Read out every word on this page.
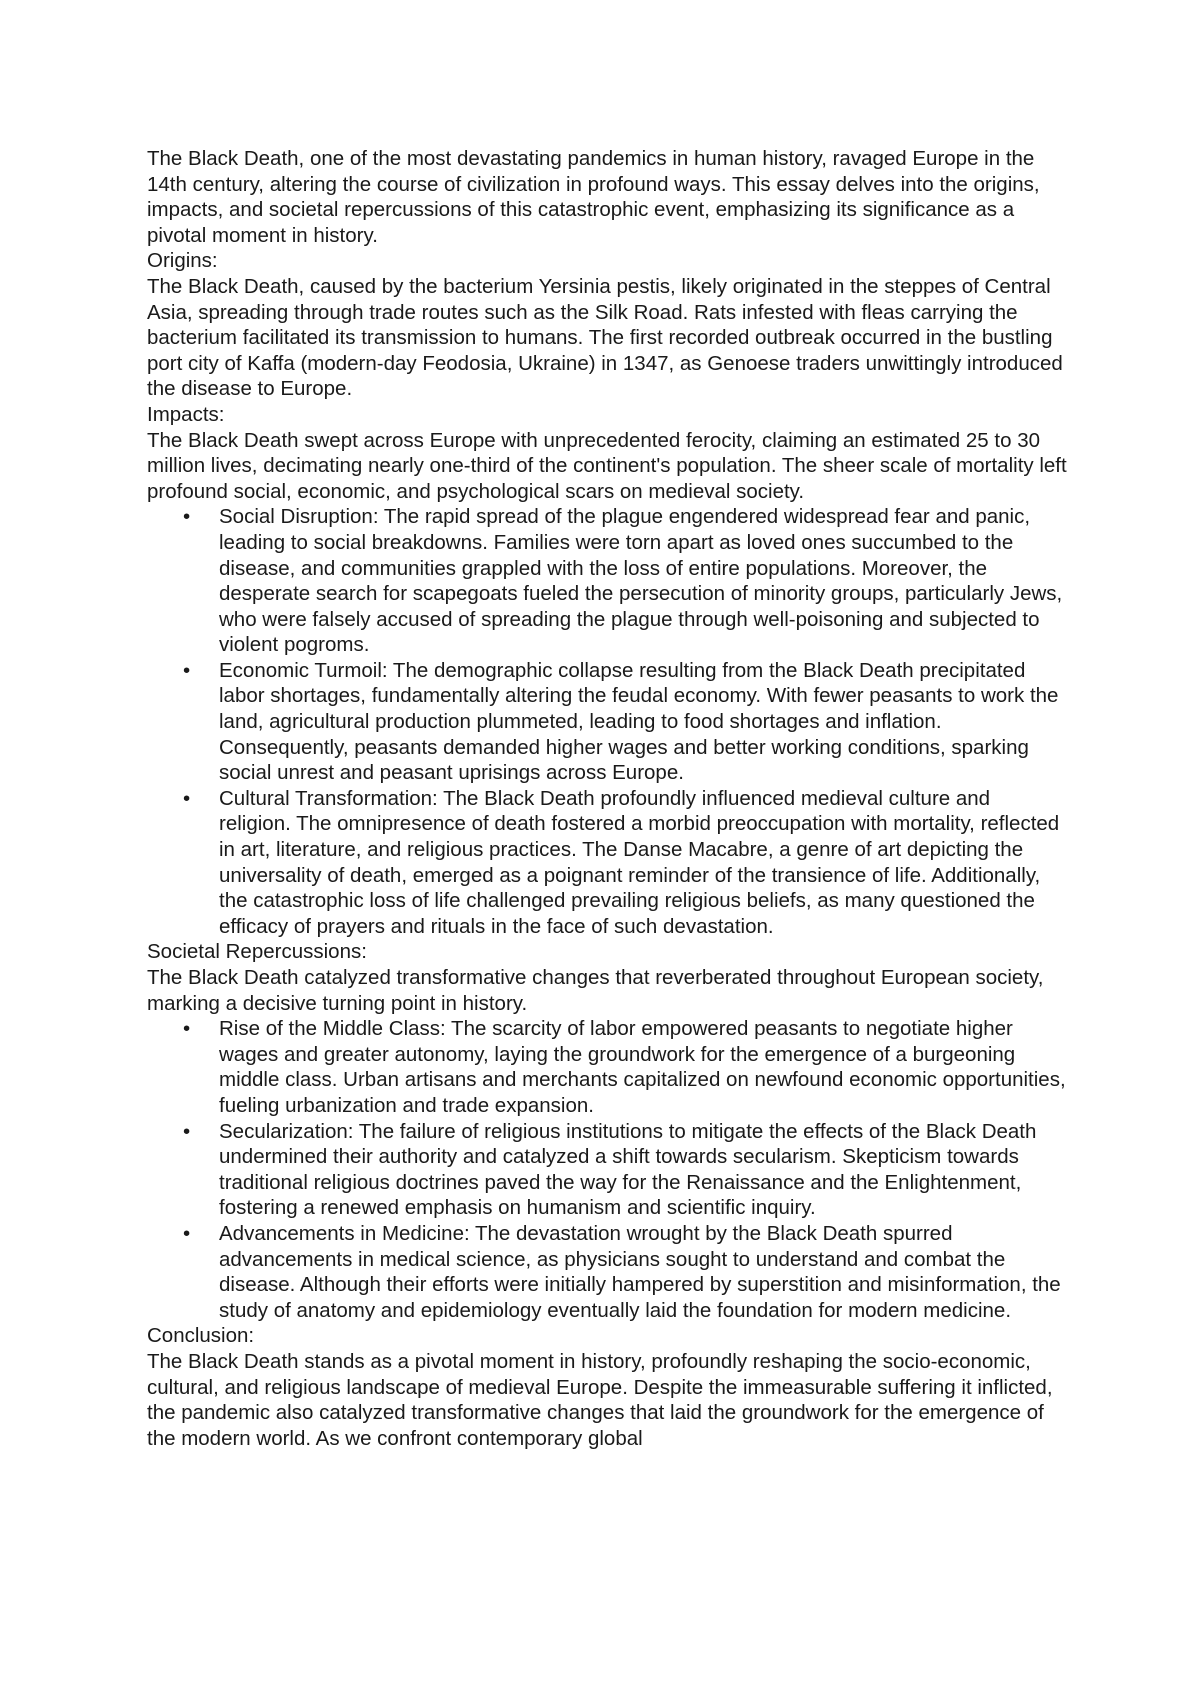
The Black Death, one of the most devastating pandemics in human history, ravaged Europe in the 14th century, altering the course of civilization in profound ways. This essay delves into the origins, impacts, and societal repercussions of this catastrophic event, emphasizing its significance as a pivotal moment in history.

Origins:

The Black Death, caused by the bacterium Yersinia pestis, likely originated in the steppes of Central Asia, spreading through trade routes such as the Silk Road. Rats infested with fleas carrying the bacterium facilitated its transmission to humans. The first recorded outbreak occurred in the bustling port city of Kaffa (modern-day Feodosia, Ukraine) in 1347, as Genoese traders unwittingly introduced the disease to Europe.

Impacts:

The Black Death swept across Europe with unprecedented ferocity, claiming an estimated 25 to 30 million lives, decimating nearly one-third of the continent's population. The sheer scale of mortality left profound social, economic, and psychological scars on medieval society.

•	Social Disruption: The rapid spread of the plague engendered widespread fear and panic, leading to social breakdowns. Families were torn apart as loved ones succumbed to the disease, and communities grappled with the loss of entire populations. Moreover, the desperate search for scapegoats fueled the persecution of minority groups, particularly Jews, who were falsely accused of spreading the plague through well-poisoning and subjected to violent pogroms.
•	Economic Turmoil: The demographic collapse resulting from the Black Death precipitated labor shortages, fundamentally altering the feudal economy. With fewer peasants to work the land, agricultural production plummeted, leading to food shortages and inflation. Consequently, peasants demanded higher wages and better working conditions, sparking social unrest and peasant uprisings across Europe.
•	Cultural Transformation: The Black Death profoundly influenced medieval culture and religion. The omnipresence of death fostered a morbid preoccupation with mortality, reflected in art, literature, and religious practices. The Danse Macabre, a genre of art depicting the universality of death, emerged as a poignant reminder of the transience of life. Additionally, the catastrophic loss of life challenged prevailing religious beliefs, as many questioned the efficacy of prayers and rituals in the face of such devastation.

Societal Repercussions:

The Black Death catalyzed transformative changes that reverberated throughout European society, marking a decisive turning point in history.

•	Rise of the Middle Class: The scarcity of labor empowered peasants to negotiate higher wages and greater autonomy, laying the groundwork for the emergence of a burgeoning middle class. Urban artisans and merchants capitalized on newfound economic opportunities, fueling urbanization and trade expansion.
•	Secularization: The failure of religious institutions to mitigate the effects of the Black Death undermined their authority and catalyzed a shift towards secularism. Skepticism towards traditional religious doctrines paved the way for the Renaissance and the Enlightenment, fostering a renewed emphasis on humanism and scientific inquiry.
•	Advancements in Medicine: The devastation wrought by the Black Death spurred advancements in medical science, as physicians sought to understand and combat the disease. Although their efforts were initially hampered by superstition and misinformation, the study of anatomy and epidemiology eventually laid the foundation for modern medicine.

Conclusion:

The Black Death stands as a pivotal moment in history, profoundly reshaping the socio-economic, cultural, and religious landscape of medieval Europe. Despite the immeasurable suffering it inflicted, the pandemic also catalyzed transformative changes that laid the groundwork for the emergence of the modern world. As we confront contemporary global
